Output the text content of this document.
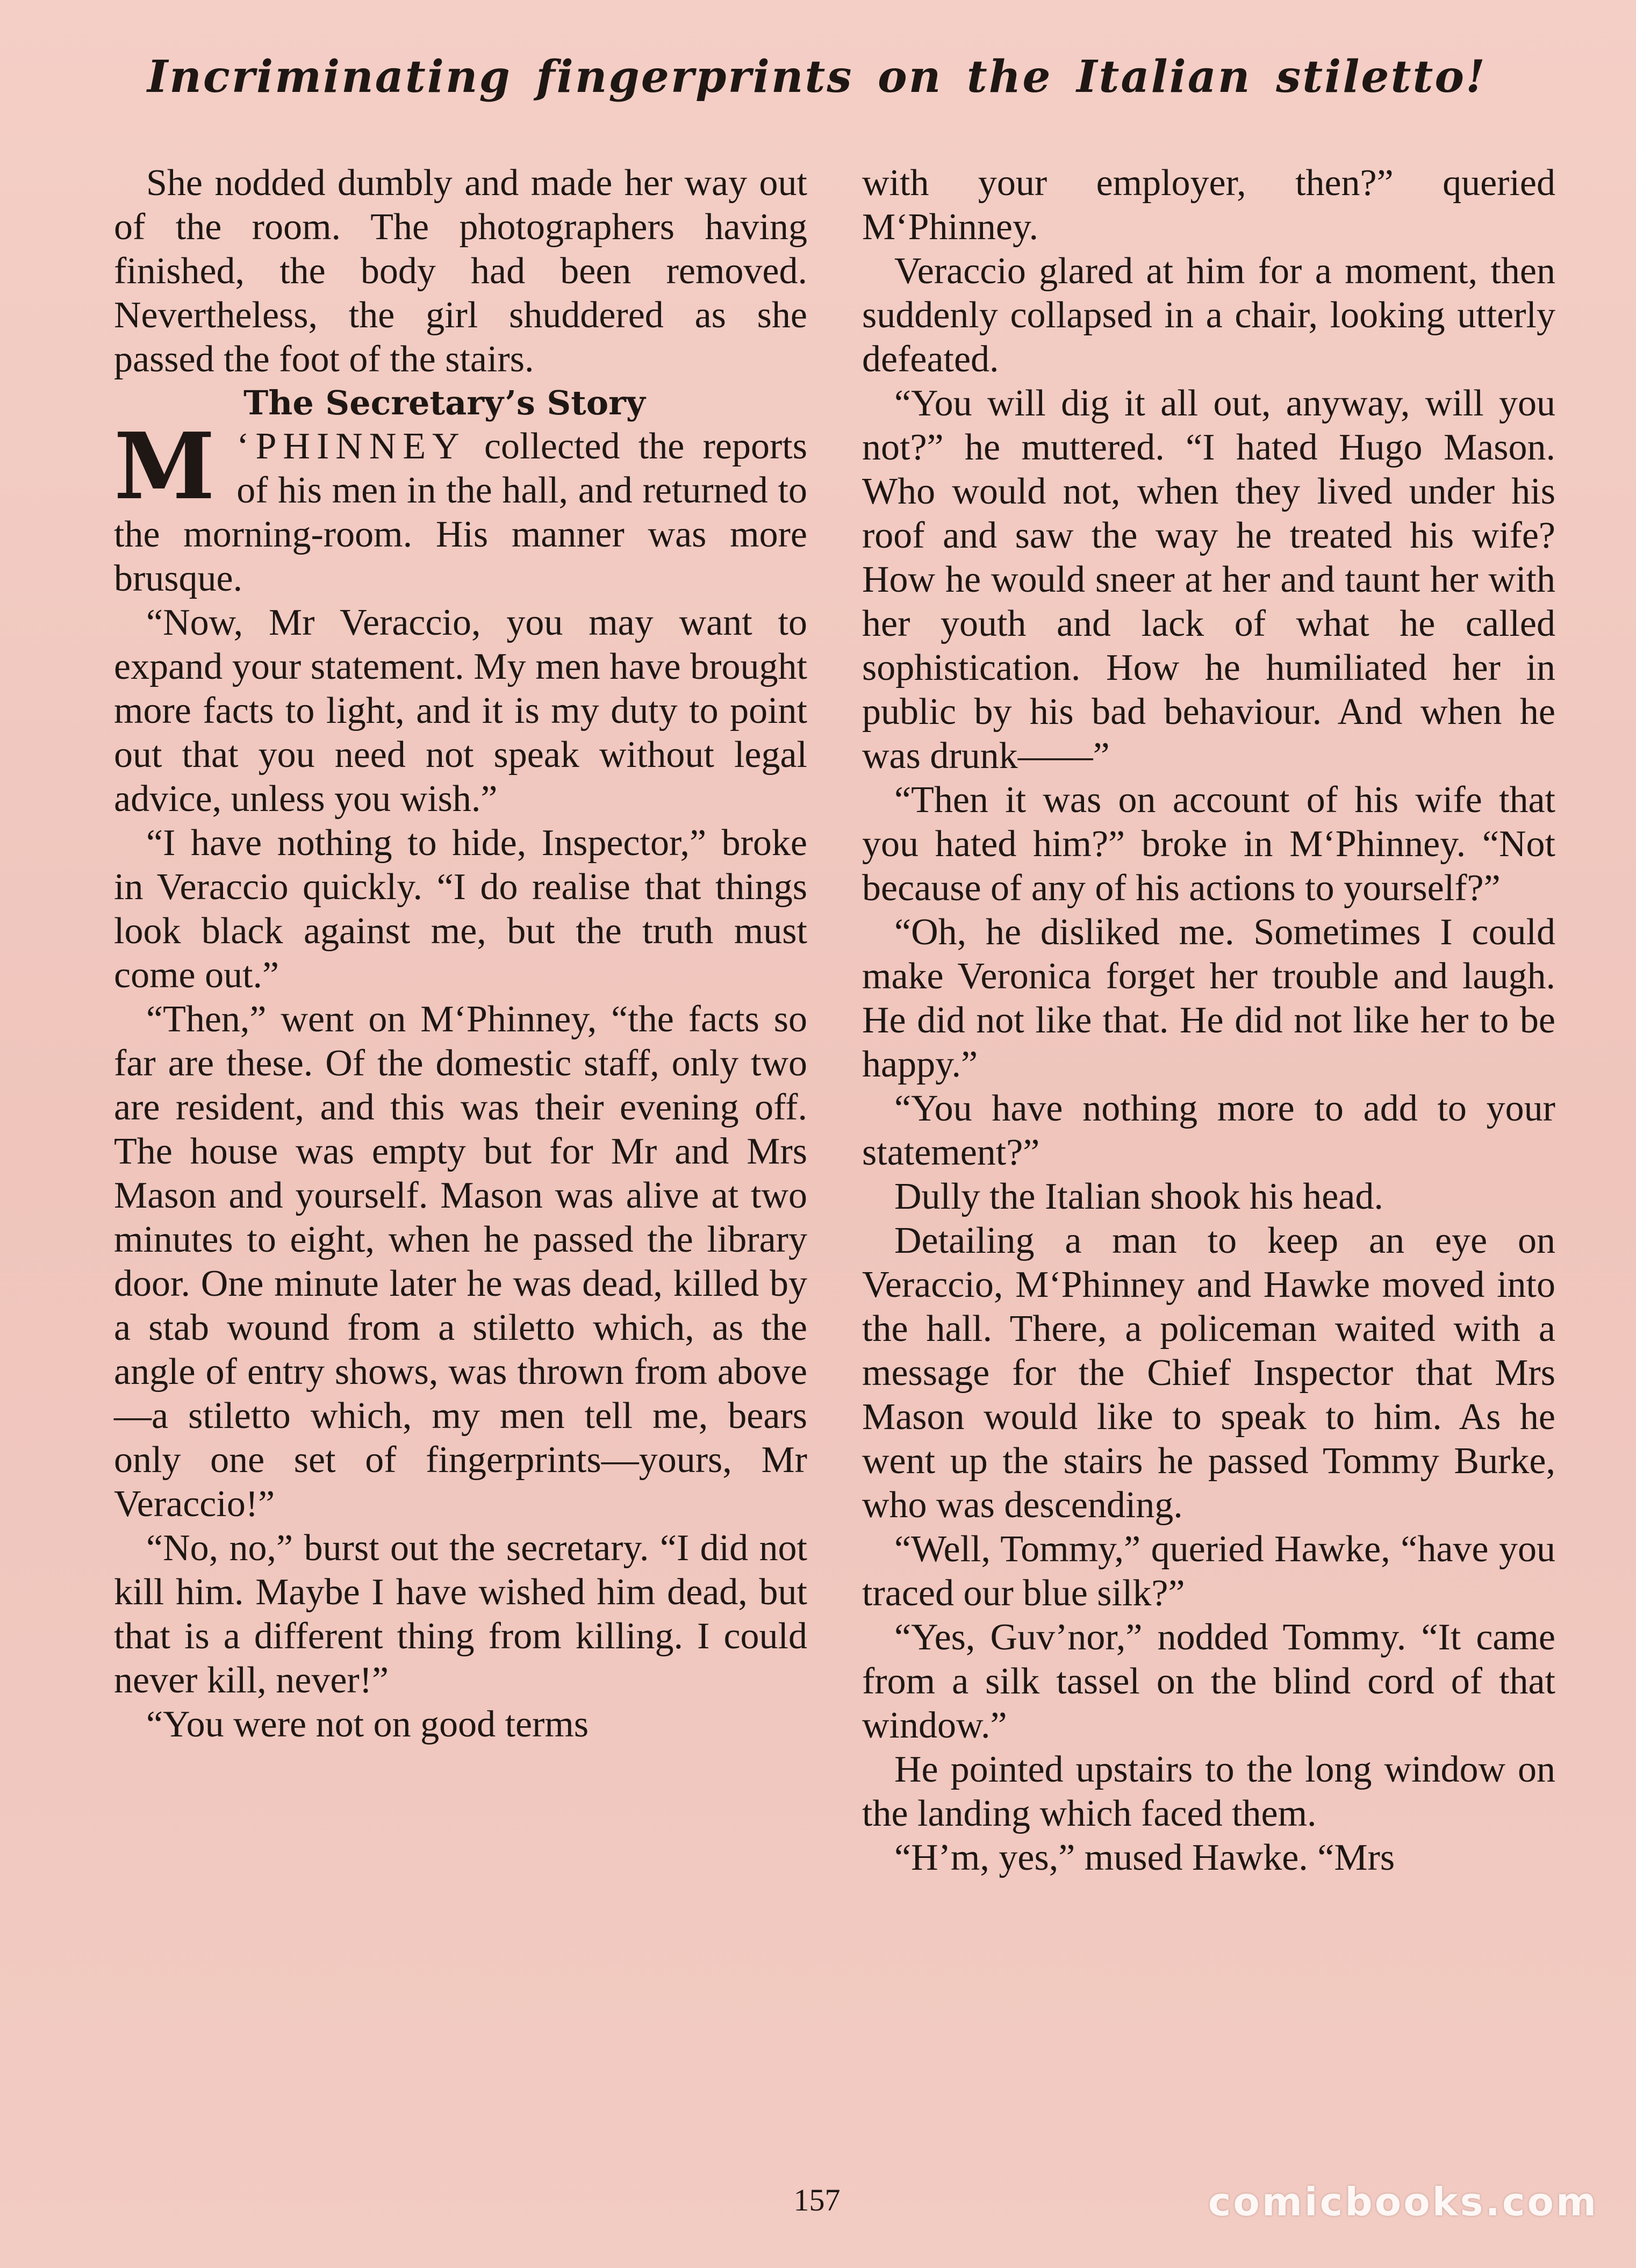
Incriminating fingerprints on the Italian stiletto!

She nodded dumbly and made her way out of the room. The photographers having finished, the body had been removed. Nevertheless, the girl shuddered as she passed the foot of the stairs.

The Secretary’s Story

M ‘PHINNEY collected the reports of his men in the hall, and returned to the morning-room. His manner was more brusque.

“Now, Mr Veraccio, you may want to expand your statement. My men have brought more facts to light, and it is my duty to point out that you need not speak without legal advice, unless you wish.”

“I have nothing to hide, Inspector,” broke in Veraccio quickly. “I do realise that things look black against me, but the truth must come out.”

“Then,” went on M‘Phinney, “the facts so far are these. Of the domestic staff, only two are resident, and this was their evening off. The house was empty but for Mr and Mrs Mason and yourself. Mason was alive at two minutes to eight, when he passed the library door. One minute later he was dead, killed by a stab wound from a stiletto which, as the angle of entry shows, was thrown from above—a stiletto which, my men tell me, bears only one set of fingerprints—yours, Mr Veraccio!”

“No, no,” burst out the secretary. “I did not kill him. Maybe I have wished him dead, but that is a different thing from killing. I could never kill, never!”

“You were not on good terms

with your employer, then?” queried M‘Phinney.

Veraccio glared at him for a moment, then suddenly collapsed in a chair, looking utterly defeated.

“You will dig it all out, anyway, will you not?” he muttered. “I hated Hugo Mason. Who would not, when they lived under his roof and saw the way he treated his wife? How he would sneer at her and taunt her with her youth and lack of what he called sophistication. How he humiliated her in public by his bad behaviour. And when he was drunk——”

“Then it was on account of his wife that you hated him?” broke in M‘Phinney. “Not because of any of his actions to yourself?”

“Oh, he disliked me. Sometimes I could make Veronica forget her trouble and laugh. He did not like that. He did not like her to be happy.”

“You have nothing more to add to your statement?”

Dully the Italian shook his head.

Detailing a man to keep an eye on Veraccio, M‘Phinney and Hawke moved into the hall. There, a policeman waited with a message for the Chief Inspector that Mrs Mason would like to speak to him. As he went up the stairs he passed Tommy Burke, who was descending.

“Well, Tommy,” queried Hawke, “have you traced our blue silk?”

“Yes, Guv’nor,” nodded Tommy. “It came from a silk tassel on the blind cord of that window.”

He pointed upstairs to the long window on the landing which faced them.

“H’m, yes,” mused Hawke. “Mrs

157	comicbooks.com
